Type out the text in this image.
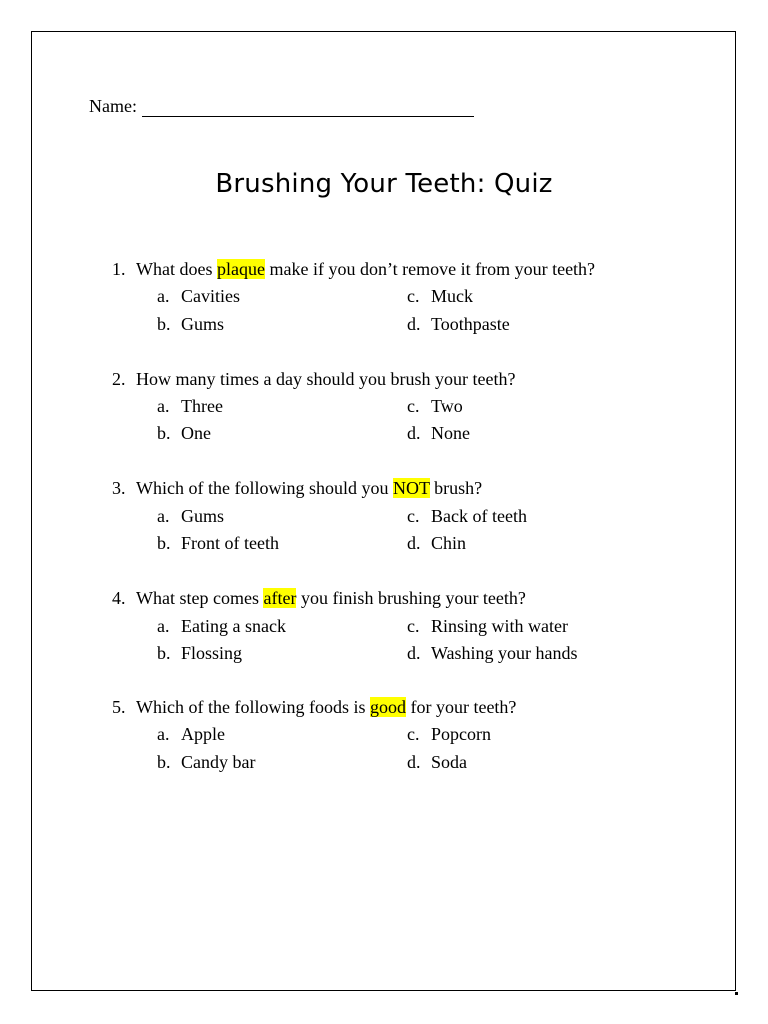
Name:
Brushing Your Teeth: Quiz
1. What does plaque make if you don’t remove it from your teeth?
a. Cavities
b. Gums
c. Muck
d. Toothpaste
2. How many times a day should you brush your teeth?
a. Three
b. One
c. Two
d. None
3. Which of the following should you NOT brush?
a. Gums
b. Front of teeth
c. Back of teeth
d. Chin
4. What step comes after you finish brushing your teeth?
a. Eating a snack
b. Flossing
c. Rinsing with water
d. Washing your hands
5. Which of the following foods is good for your teeth?
a. Apple
b. Candy bar
c. Popcorn
d. Soda
